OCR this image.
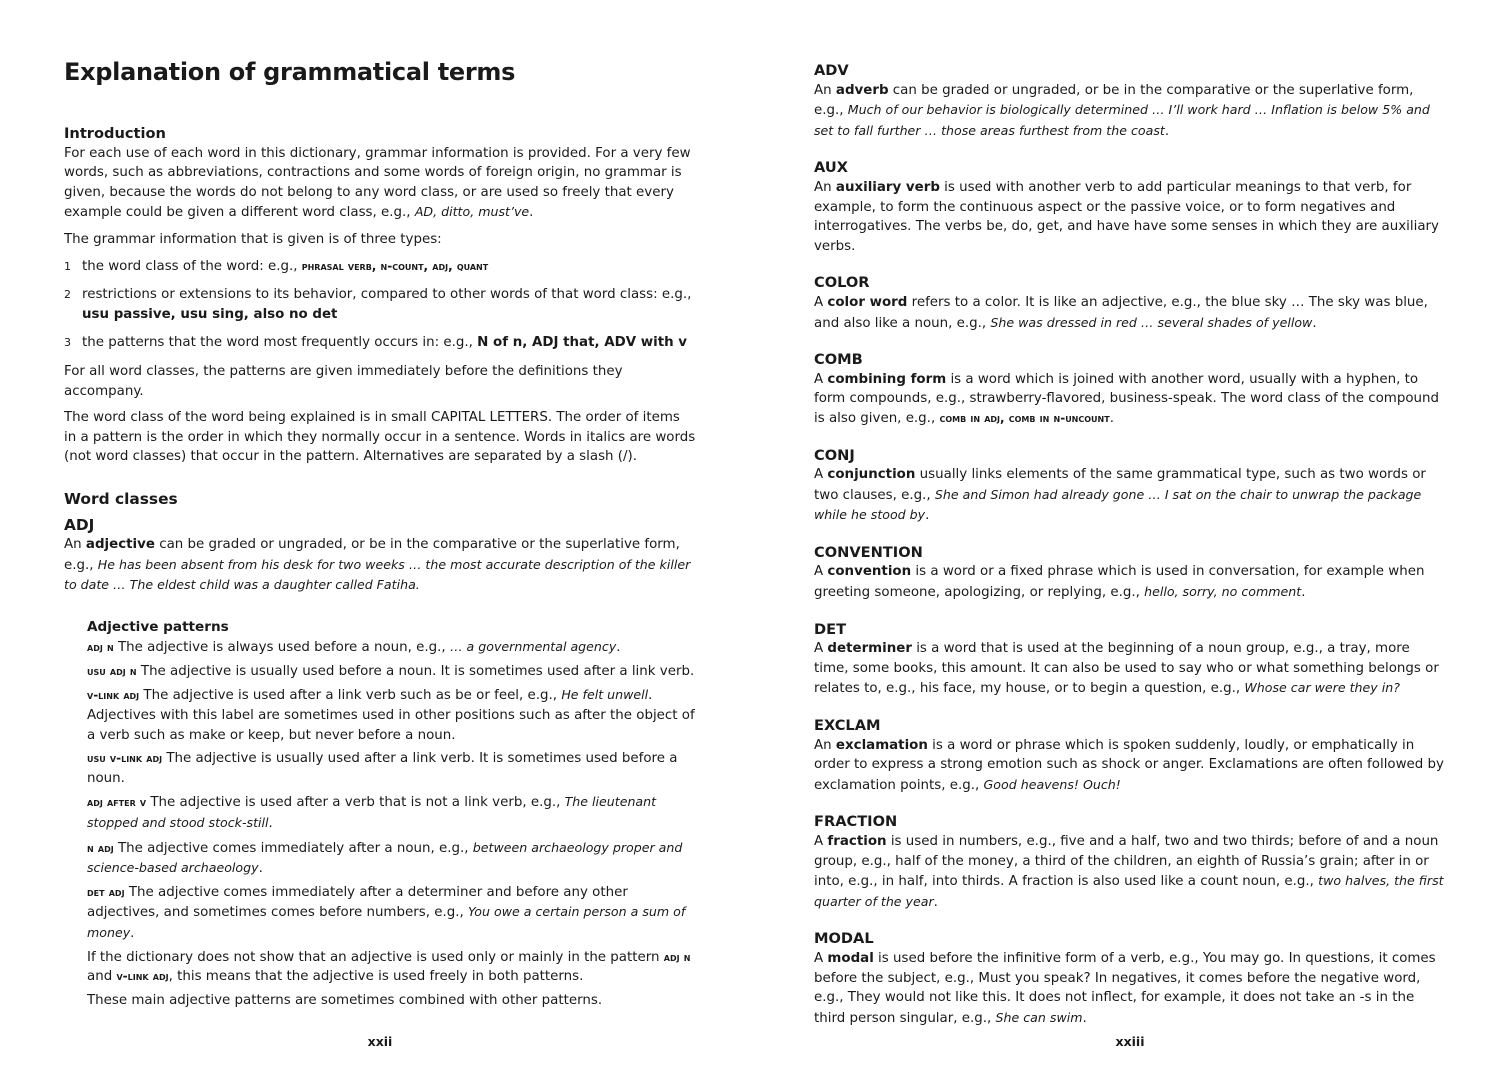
Explanation of grammatical terms

Introduction

For each use of each word in this dictionary, grammar information is provided. For a very few words, such as abbreviations, contractions and some words of foreign origin, no grammar is given, because the words do not belong to any word class, or are used so freely that every example could be given a different word class, e.g., AD, ditto, must’ve.

The grammar information that is given is of three types:

1 the word class of the word: e.g., phrasal verb, n-count, adj, quant
2 restrictions or extensions to its behavior, compared to other words of that word class: e.g., usu passive, usu sing, also no det
3 the patterns that the word most frequently occurs in: e.g., N of n, ADJ that, ADV with v

For all word classes, the patterns are given immediately before the definitions they accompany.

The word class of the word being explained is in small CAPITAL LETTERS. The order of items in a pattern is the order in which they normally occur in a sentence. Words in italics are words (not word classes) that occur in the pattern. Alternatives are separated by a slash (/).

Word classes

ADJ

An adjective can be graded or ungraded, or be in the comparative or the superlative form, e.g., He has been absent from his desk for two weeks … the most accurate description of the killer to date … The eldest child was a daughter called Fatiha.

Adjective patterns

adj n The adjective is always used before a noun, e.g., … a governmental agency.

usu adj n The adjective is usually used before a noun. It is sometimes used after a link verb.

v-link adj The adjective is used after a link verb such as be or feel, e.g., He felt unwell. Adjectives with this label are sometimes used in other positions such as after the object of a verb such as make or keep, but never before a noun.

usu v-link adj The adjective is usually used after a link verb. It is sometimes used before a noun.

adj after v The adjective is used after a verb that is not a link verb, e.g., The lieutenant stopped and stood stock-still.

n adj The adjective comes immediately after a noun, e.g., between archaeology proper and science-based archaeology.

det adj The adjective comes immediately after a determiner and before any other adjectives, and sometimes comes before numbers, e.g., You owe a certain person a sum of money.

If the dictionary does not show that an adjective is used only or mainly in the pattern adj n and v-link adj, this means that the adjective is used freely in both patterns.

These main adjective patterns are sometimes combined with other patterns.

xxii

ADV

An adverb can be graded or ungraded, or be in the comparative or the superlative form, e.g., Much of our behavior is biologically determined … I’ll work hard … Inflation is below 5% and set to fall further … those areas furthest from the coast.

AUX

An auxiliary verb is used with another verb to add particular meanings to that verb, for example, to form the continuous aspect or the passive voice, or to form negatives and interrogatives. The verbs be, do, get, and have have some senses in which they are auxiliary verbs.

COLOR

A color word refers to a color. It is like an adjective, e.g., the blue sky … The sky was blue, and also like a noun, e.g., She was dressed in red … several shades of yellow.

COMB

A combining form is a word which is joined with another word, usually with a hyphen, to form compounds, e.g., strawberry-flavored, business-speak. The word class of the compound is also given, e.g., comb in adj, comb in n-uncount.

CONJ

A conjunction usually links elements of the same grammatical type, such as two words or two clauses, e.g., She and Simon had already gone … I sat on the chair to unwrap the package while he stood by.

CONVENTION

A convention is a word or a fixed phrase which is used in conversation, for example when greeting someone, apologizing, or replying, e.g., hello, sorry, no comment.

DET

A determiner is a word that is used at the beginning of a noun group, e.g., a tray, more time, some books, this amount. It can also be used to say who or what something belongs or relates to, e.g., his face, my house, or to begin a question, e.g., Whose car were they in?

EXCLAM

An exclamation is a word or phrase which is spoken suddenly, loudly, or emphatically in order to express a strong emotion such as shock or anger. Exclamations are often followed by exclamation points, e.g., Good heavens! Ouch!

FRACTION

A fraction is used in numbers, e.g., five and a half, two and two thirds; before of and a noun group, e.g., half of the money, a third of the children, an eighth of Russia’s grain; after in or into, e.g., in half, into thirds. A fraction is also used like a count noun, e.g., two halves, the first quarter of the year.

MODAL

A modal is used before the infinitive form of a verb, e.g., You may go. In questions, it comes before the subject, e.g., Must you speak? In negatives, it comes before the negative word, e.g., They would not like this. It does not inflect, for example, it does not take an -s in the third person singular, e.g., She can swim.

xxiii
